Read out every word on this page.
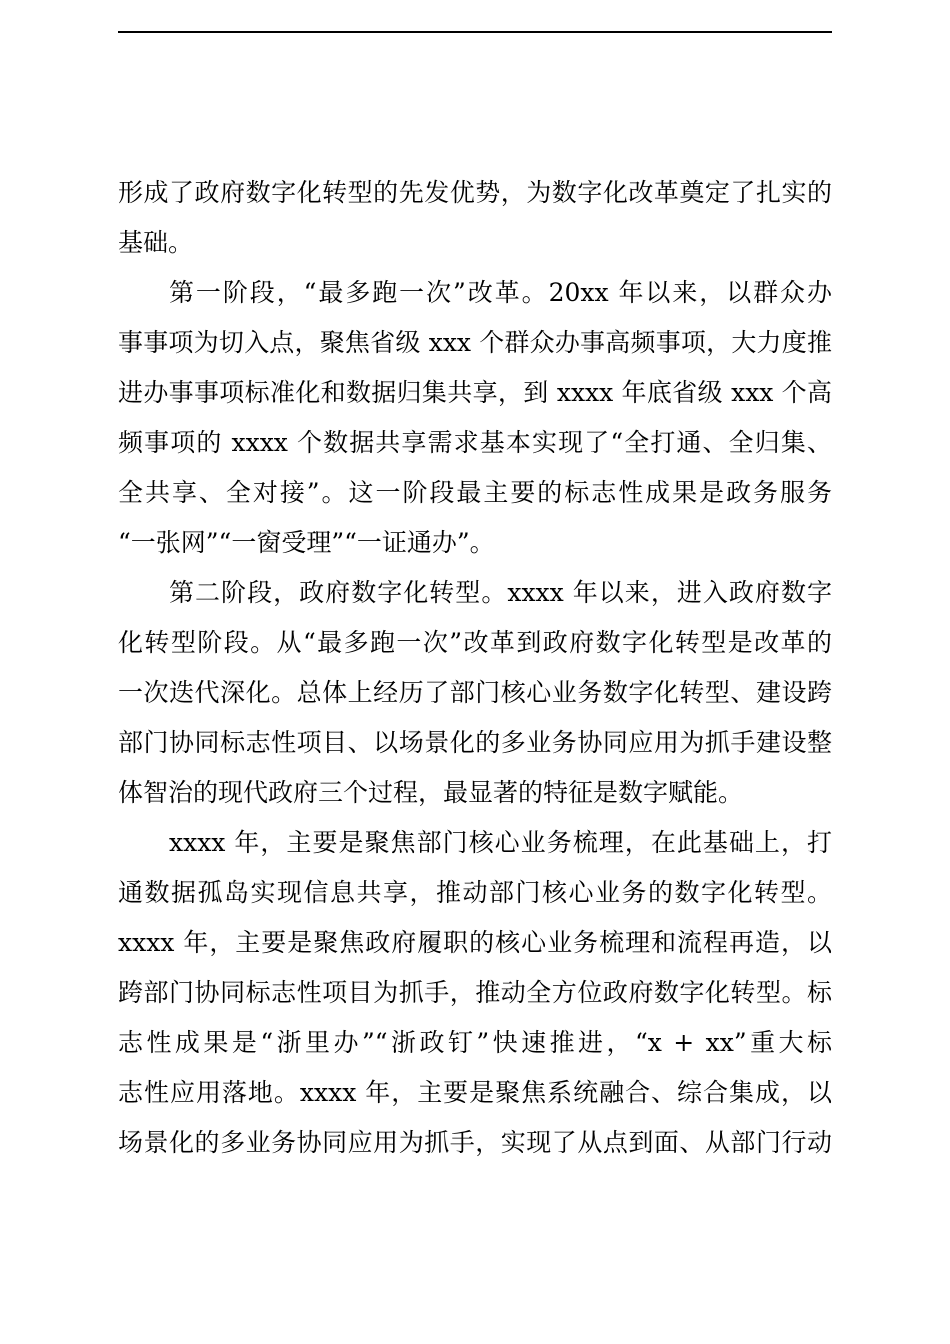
形成了政府数字化转型的先发优势，为数字化改革奠定了扎实的
基础。
第一阶段，“最多跑一次”改革。20xx 年以来，以群众办
事事项为切入点，聚焦省级 xxx 个群众办事高频事项，大力度推
进办事事项标准化和数据归集共享，到 xxxx 年底省级 xxx 个高
频事项的 xxxx 个数据共享需求基本实现了“全打通、全归集、
全共享、全对接”。这一阶段最主要的标志性成果是政务服务
“一张网”“一窗受理”“一证通办”。
第二阶段，政府数字化转型。xxxx 年以来，进入政府数字
化转型阶段。从“最多跑一次”改革到政府数字化转型是改革的
一次迭代深化。总体上经历了部门核心业务数字化转型、建设跨
部门协同标志性项目、以场景化的多业务协同应用为抓手建设整
体智治的现代政府三个过程，最显著的特征是数字赋能。
xxxx 年，主要是聚焦部门核心业务梳理，在此基础上，打
通数据孤岛实现信息共享，推动部门核心业务的数字化转型。
xxxx 年，主要是聚焦政府履职的核心业务梳理和流程再造，以
跨部门协同标志性项目为抓手，推动全方位政府数字化转型。标
志性成果是“浙里办”“浙政钉”快速推进，“x + xx”重大标
志性应用落地。xxxx 年，主要是聚焦系统融合、综合集成，以
场景化的多业务协同应用为抓手，实现了从点到面、从部门行动
